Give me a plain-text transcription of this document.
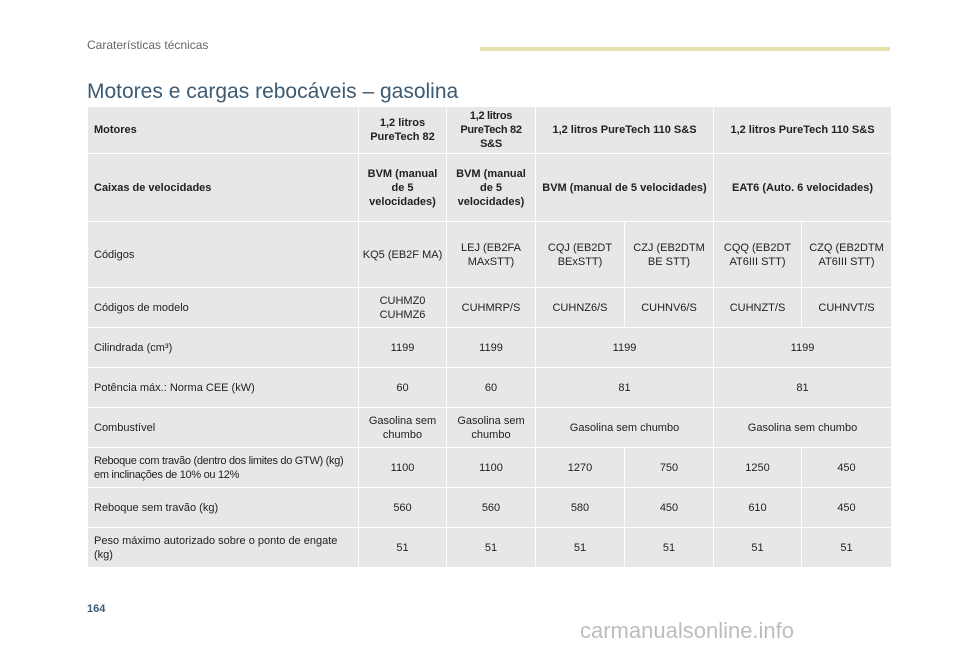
Caraterísticas técnicas
Motores e cargas rebocáveis – gasolina
Motores	1,2 litros PureTech 82	1,2 litros PureTech 82 S&S	1,2 litros PureTech 110 S&S		1,2 litros PureTech 110 S&S	
Caixas de velocidades	BVM (manual de 5 velocidades)	BVM (manual de 5 velocidades)	BVM (manual de 5 velocidades)		EAT6 (Auto. 6 velocidades)	
Códigos	KQ5 (EB2F MA)	LEJ (EB2FA MAxSTT)	CQJ (EB2DT BExSTT)	CZJ (EB2DTM BE STT)	CQQ (EB2DT AT6III STT)	CZQ (EB2DTM AT6III STT)
Códigos de modelo	CUHMZ0 CUHMZ6	CUHMRP/S	CUHNZ6/S	CUHNV6/S	CUHNZT/S	CUHNVT/S
Cilindrada (cm³)	1199	1199	1199		1199	
Potência máx.: Norma CEE (kW)	60	60	81		81	
Combustível	Gasolina sem chumbo	Gasolina sem chumbo	Gasolina sem chumbo		Gasolina sem chumbo	
Reboque com travão (dentro dos limites do GTW) (kg) em inclinações de 10% ou 12%	1100	1100	1270	750	1250	450
Reboque sem travão (kg)	560	560	580	450	610	450
Peso máximo autorizado sobre o ponto de engate (kg)	51	51	51	51	51	51
164
carmanualsonline.info
